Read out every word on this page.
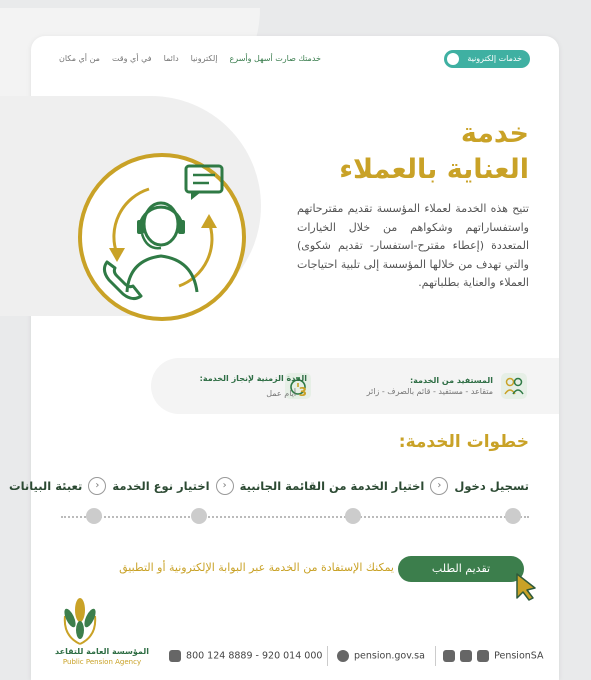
خدمات إلكترونية
خدمتك صارت أسهل وأسرع
إلكترونيا
دائما
في أي وقت
من أي مكان
خدمة
العناية بالعملاء
تتيح هذه الخدمة لعملاء المؤسسة تقديم مقترحاتهم واستفساراتهم وشكواهم من خلال الخيارات المتعددة (إعطاء مقترح-استفسار- تقديم شكوى) والتي تهدف من خلالها المؤسسة إلى تلبية احتياجات العملاء والعناية بطلباتهم.
المستفيد من الخدمة:
متقاعد - مستفيد - قائم بالصرف - زائر
المدة الزمنية لإنجاز الخدمة:
3 أيام عمل
خطوات الخدمة:
تسجيل دخول
‹
اختيار الخدمة من القائمة الجانبية
‹
اختيار نوع الخدمة
‹
تعبئة البيانات
تقديم الطلب
يمكنك الإستفادة من الخدمة عبر البوابة الإلكترونية أو التطبيق
المؤسسة العامة للتقاعد
Public Pension Agency
800 124 8889 - 920 014 000	pension.gov.sa	PensionSA
